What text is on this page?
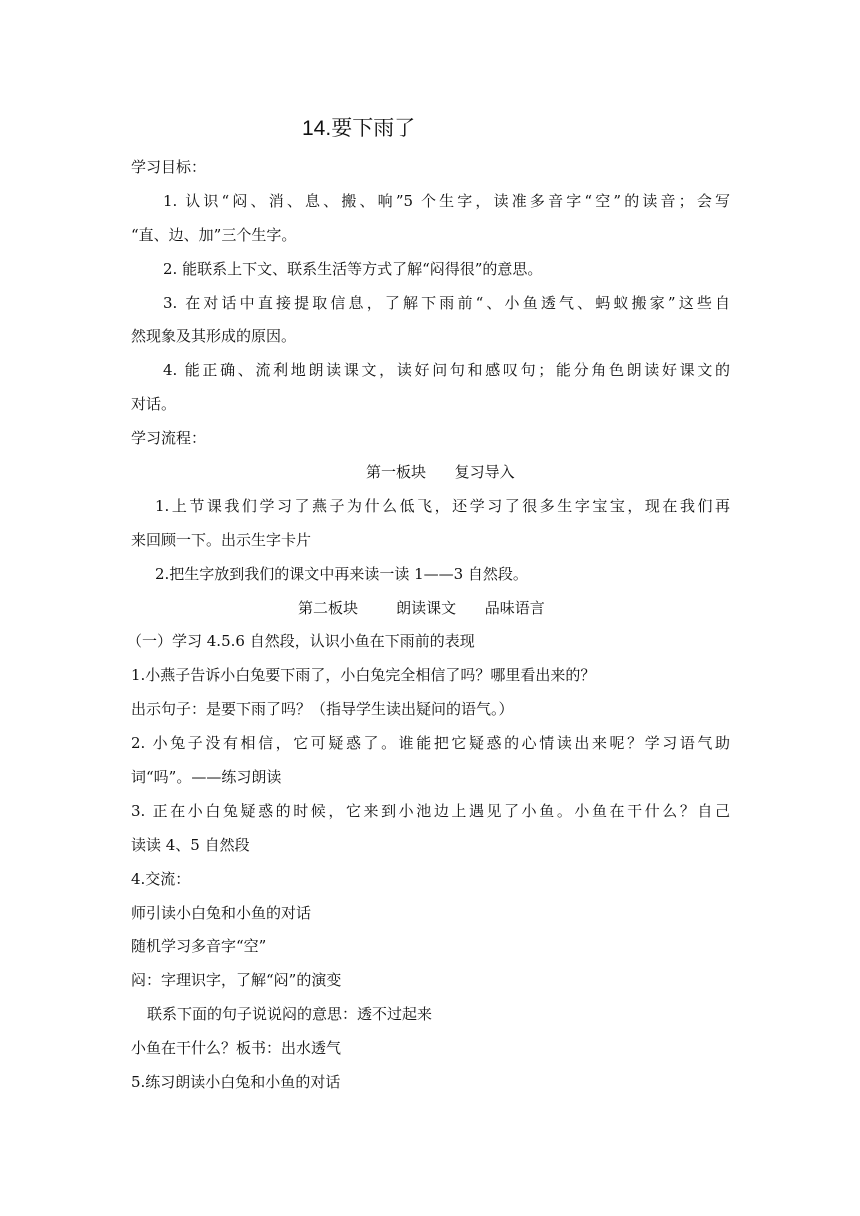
14.要下雨了
学习目标：
1. 认识“闷、消、息、搬、响”5 个生字，读准多音字“空”的读音；会写
“直、边、加”三个生字。
2. 能联系上下文、联系生活等方式了解“闷得很”的意思。
3. 在对话中直接提取信息，了解下雨前“、小鱼透气、蚂蚁搬家”这些自
然现象及其形成的原因。
4. 能正确、流利地朗读课文，读好问句和感叹句；能分角色朗读好课文的
对话。
学习流程：
第一板块      复习导入
1.上节课我们学习了燕子为什么低飞，还学习了很多生字宝宝，现在我们再
来回顾一下。出示生字卡片
2.把生字放到我们的课文中再来读一读 1——3 自然段。
第二板块        朗读课文      品味语言
（一）学习 4.5.6 自然段，认识小鱼在下雨前的表现
1.小燕子告诉小白兔要下雨了，小白兔完全相信了吗？哪里看出来的？
出示句子：是要下雨了吗？（指导学生读出疑问的语气。）
2. 小兔子没有相信，它可疑惑了。谁能把它疑惑的心情读出来呢？学习语气助
词“吗”。——练习朗读
3. 正在小白兔疑惑的时候，它来到小池边上遇见了小鱼。小鱼在干什么？自己
读读 4、5 自然段
4.交流：
师引读小白兔和小鱼的对话
随机学习多音字“空”
闷：字理识字，了解“闷”的演变
联系下面的句子说说闷的意思：透不过起来
小鱼在干什么？板书：出水透气
5.练习朗读小白兔和小鱼的对话
